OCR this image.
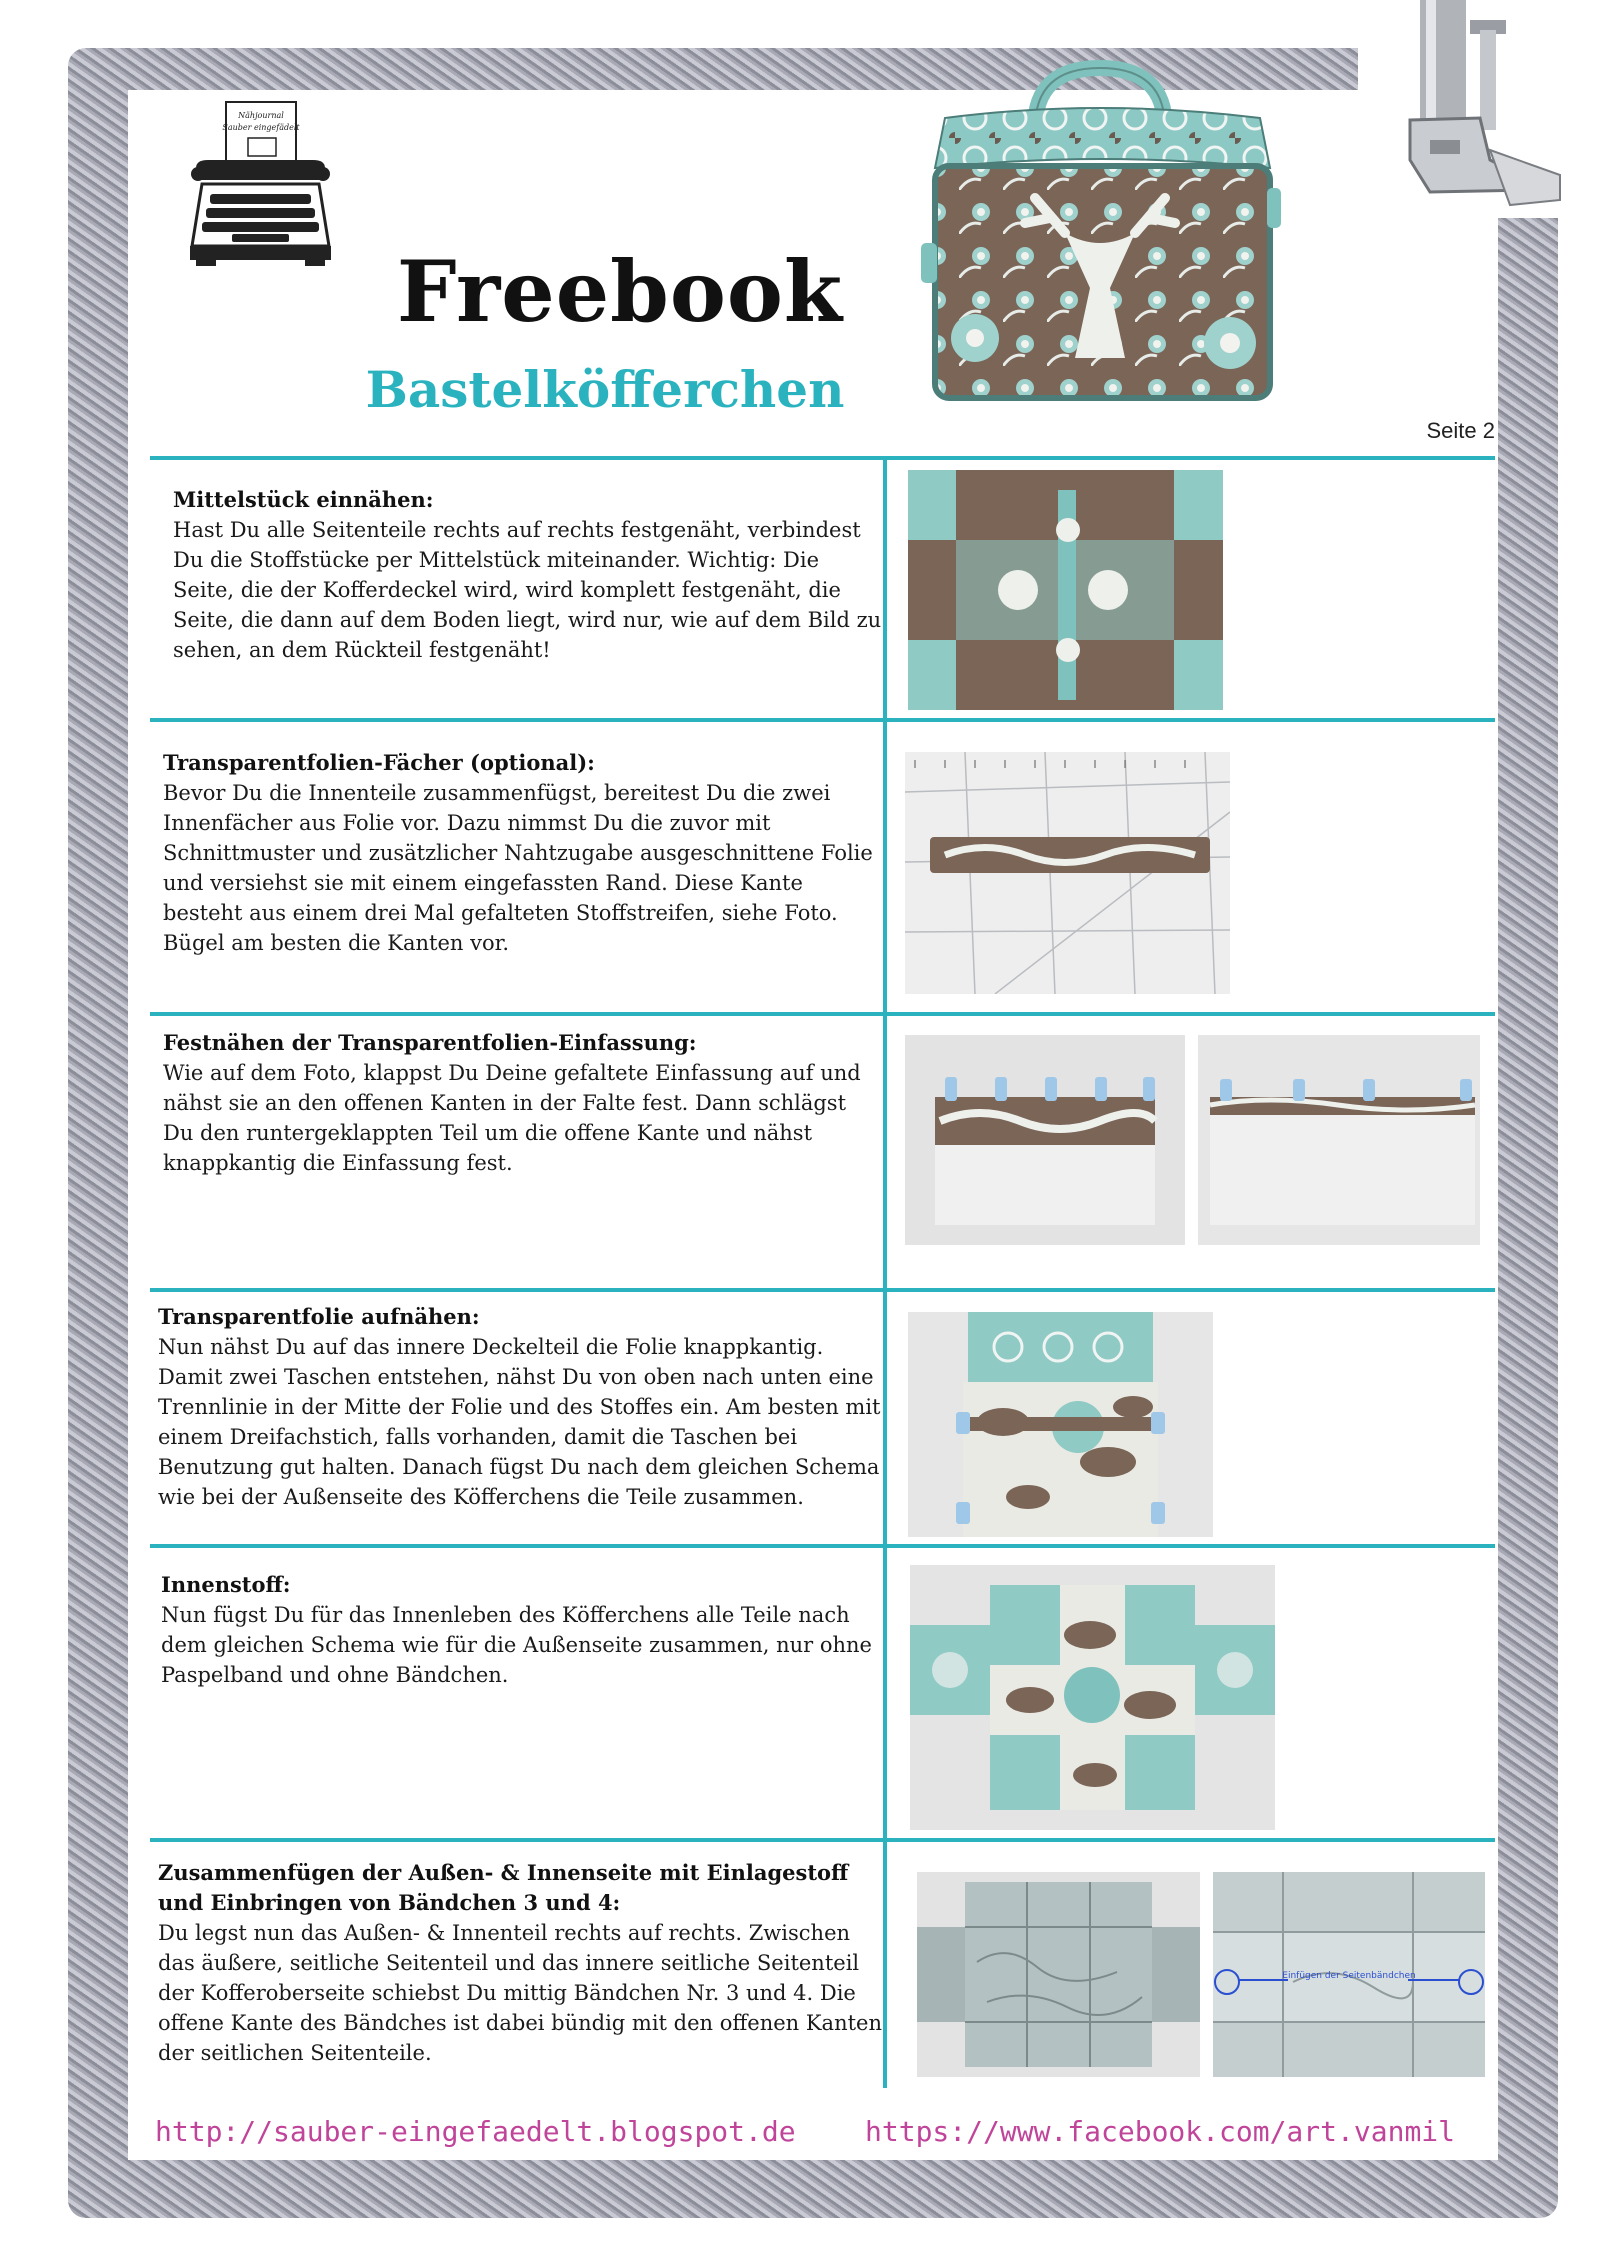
Nähjournal
Sauber eingefädelt
Freebook
Bastelköfferchen
Seite 2
Mittelstück einnähen:

Hast Du alle Seitenteile rechts auf rechts festgenäht, verbindest Du die Stoffstücke per Mittelstück miteinander. Wichtig: Die Seite, die der Kofferdeckel wird, wird komplett festgenäht, die Seite, die dann auf dem Boden liegt, wird nur, wie auf dem Bild zu sehen, an dem Rückteil festgenäht!

Transparentfolien-Fächer (optional):

Bevor Du die Innenteile zusammenfügst, bereitest Du die zwei Innenfächer aus Folie vor. Dazu nimmst Du die zuvor mit Schnittmuster und zusätzlicher Nahtzugabe ausgeschnittene Folie und versiehst sie mit einem eingefassten Rand. Diese Kante besteht aus einem drei Mal gefalteten Stoffstreifen, siehe Foto. Bügel am besten die Kanten vor.

Festnähen der Transparentfolien-Einfassung:

Wie auf dem Foto, klappst Du Deine gefaltete Einfassung auf und nähst sie an den offenen Kanten in der Falte fest. Dann schlägst Du den runtergeklappten Teil um die offene Kante und nähst knappkantig die Einfassung fest.

Transparentfolie aufnähen:

Nun nähst Du auf das innere Deckelteil die Folie knappkantig. Damit zwei Taschen entstehen, nähst Du von oben nach unten eine Trennlinie in der Mitte der Folie und des Stoffes ein. Am besten mit einem Dreifachstich, falls vorhanden, damit die Taschen bei Benutzung gut halten. Danach fügst Du nach dem gleichen Schema wie bei der Außenseite des Köfferchens die Teile zusammen.

Innenstoff:

Nun fügst Du für das Innenleben des Köfferchens alle Teile nach dem gleichen Schema wie für die Außenseite zusammen, nur ohne Paspelband und ohne Bändchen.

Zusammenfügen der Außen- & Innenseite mit Einlagestoff und Einbringen von Bändchen 3 und 4:

Du legst nun das Außen- & Innenteil rechts auf rechts. Zwischen das äußere, seitliche Seitenteil und das innere seitliche Seitenteil der Kofferoberseite schiebst Du mittig Bändchen Nr. 3 und 4. Die offene Kante des Bändches ist dabei bündig mit den offenen Kanten der seitlichen Seitenteile.

Einfügen der Seitenbändchen
http://sauber-eingefaedelt.blogspot.de https://www.facebook.com/art.vanmil
